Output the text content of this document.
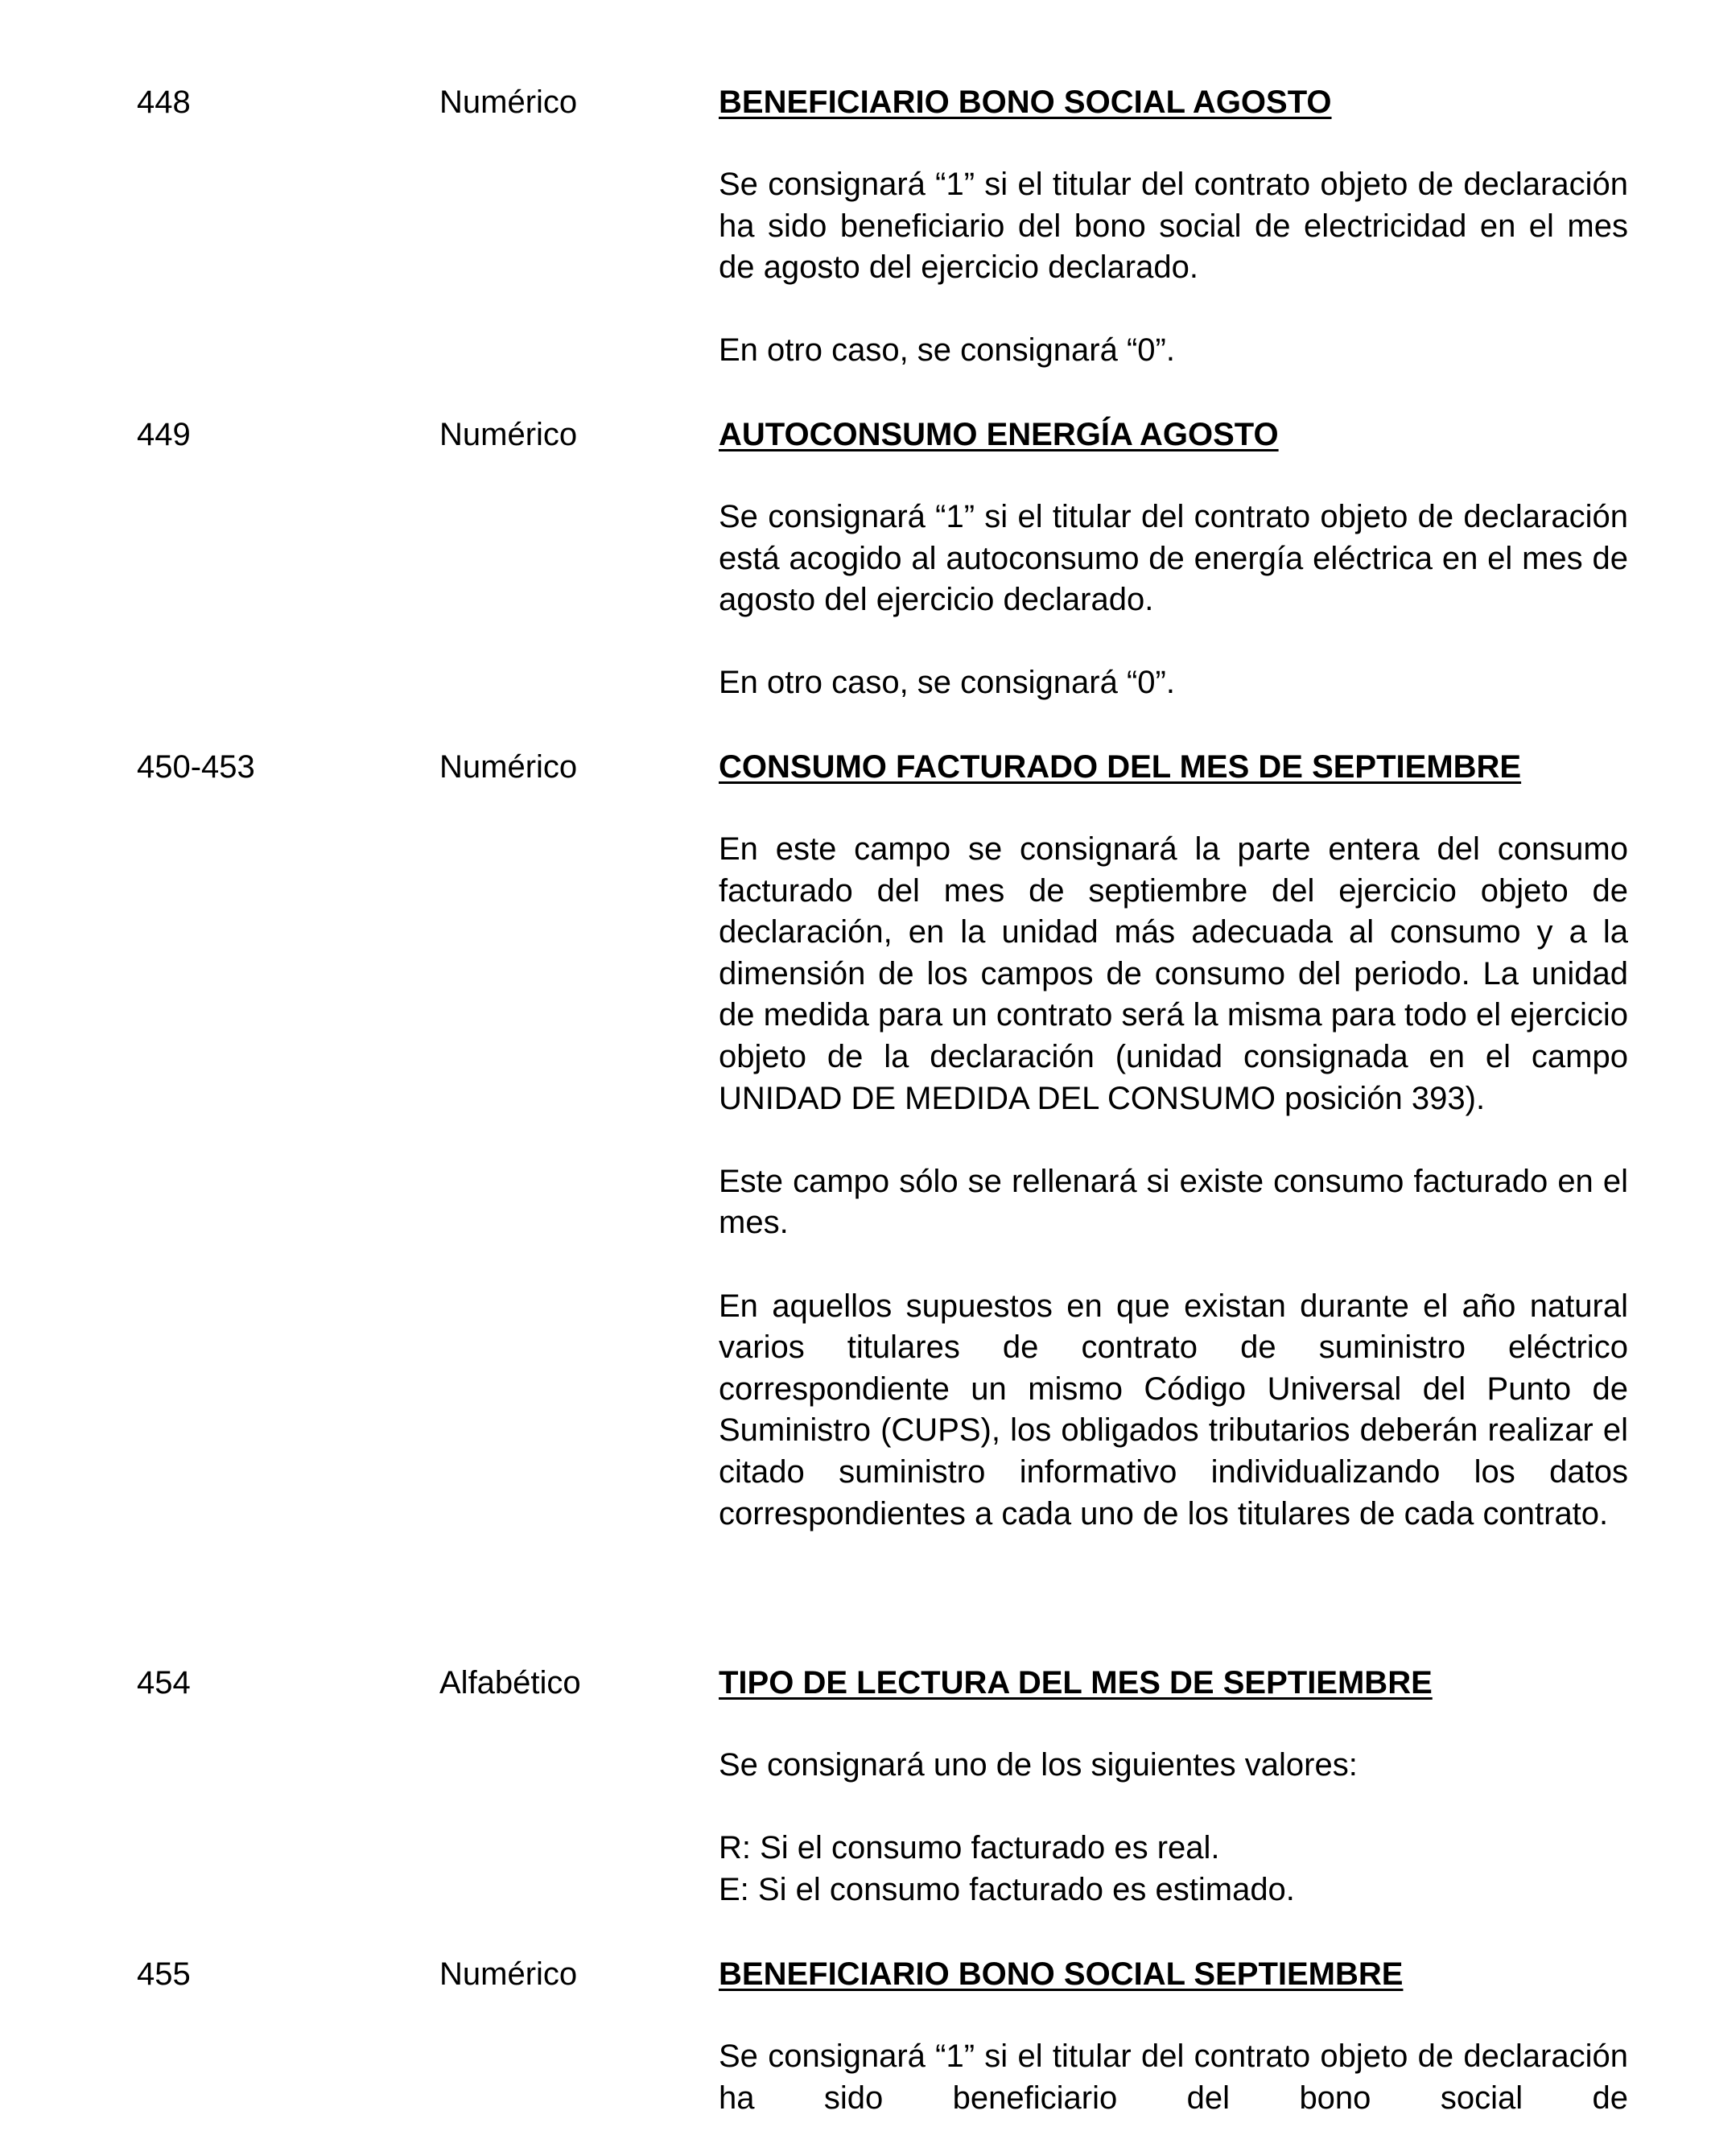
448	Numérico	BENEFICIARIO BONO SOCIAL AGOSTO

Se consignará “1” si el titular del contrato objeto de declaración ha sido beneficiario del bono social de electricidad en el mes de agosto del ejercicio declarado.

En otro caso, se consignará “0”.

449	Numérico	AUTOCONSUMO ENERGÍA AGOSTO

Se consignará “1” si el titular del contrato objeto de declaración está acogido al autoconsumo de energía eléctrica en el mes de agosto del ejercicio declarado.

En otro caso, se consignará “0”.

450-453	Numérico	CONSUMO FACTURADO DEL MES DE SEPTIEMBRE

En este campo se consignará la parte entera del consumo facturado del mes de septiembre del ejercicio objeto de declaración, en la unidad más adecuada al consumo y a la dimensión de los campos de consumo del periodo. La unidad de medida para un contrato será la misma para todo el ejercicio objeto de la declaración (unidad consignada en el campo UNIDAD DE MEDIDA DEL CONSUMO posición 393).

Este campo sólo se rellenará si existe consumo facturado en el mes.

En aquellos supuestos en que existan durante el año natural varios titulares de contrato de suministro eléctrico correspondiente un mismo Código Universal del Punto de Suministro (CUPS), los obligados tributarios deberán realizar el citado suministro informativo individualizando los datos correspondientes a cada uno de los titulares de cada contrato.

454	Alfabético	TIPO DE LECTURA DEL MES DE SEPTIEMBRE

Se consignará uno de los siguientes valores:

R: Si el consumo facturado es real.
E: Si el consumo facturado es estimado.

455	Numérico	BENEFICIARIO BONO SOCIAL SEPTIEMBRE

Se consignará “1” si el titular del contrato objeto de declaración ha sido beneficiario del bono social de
